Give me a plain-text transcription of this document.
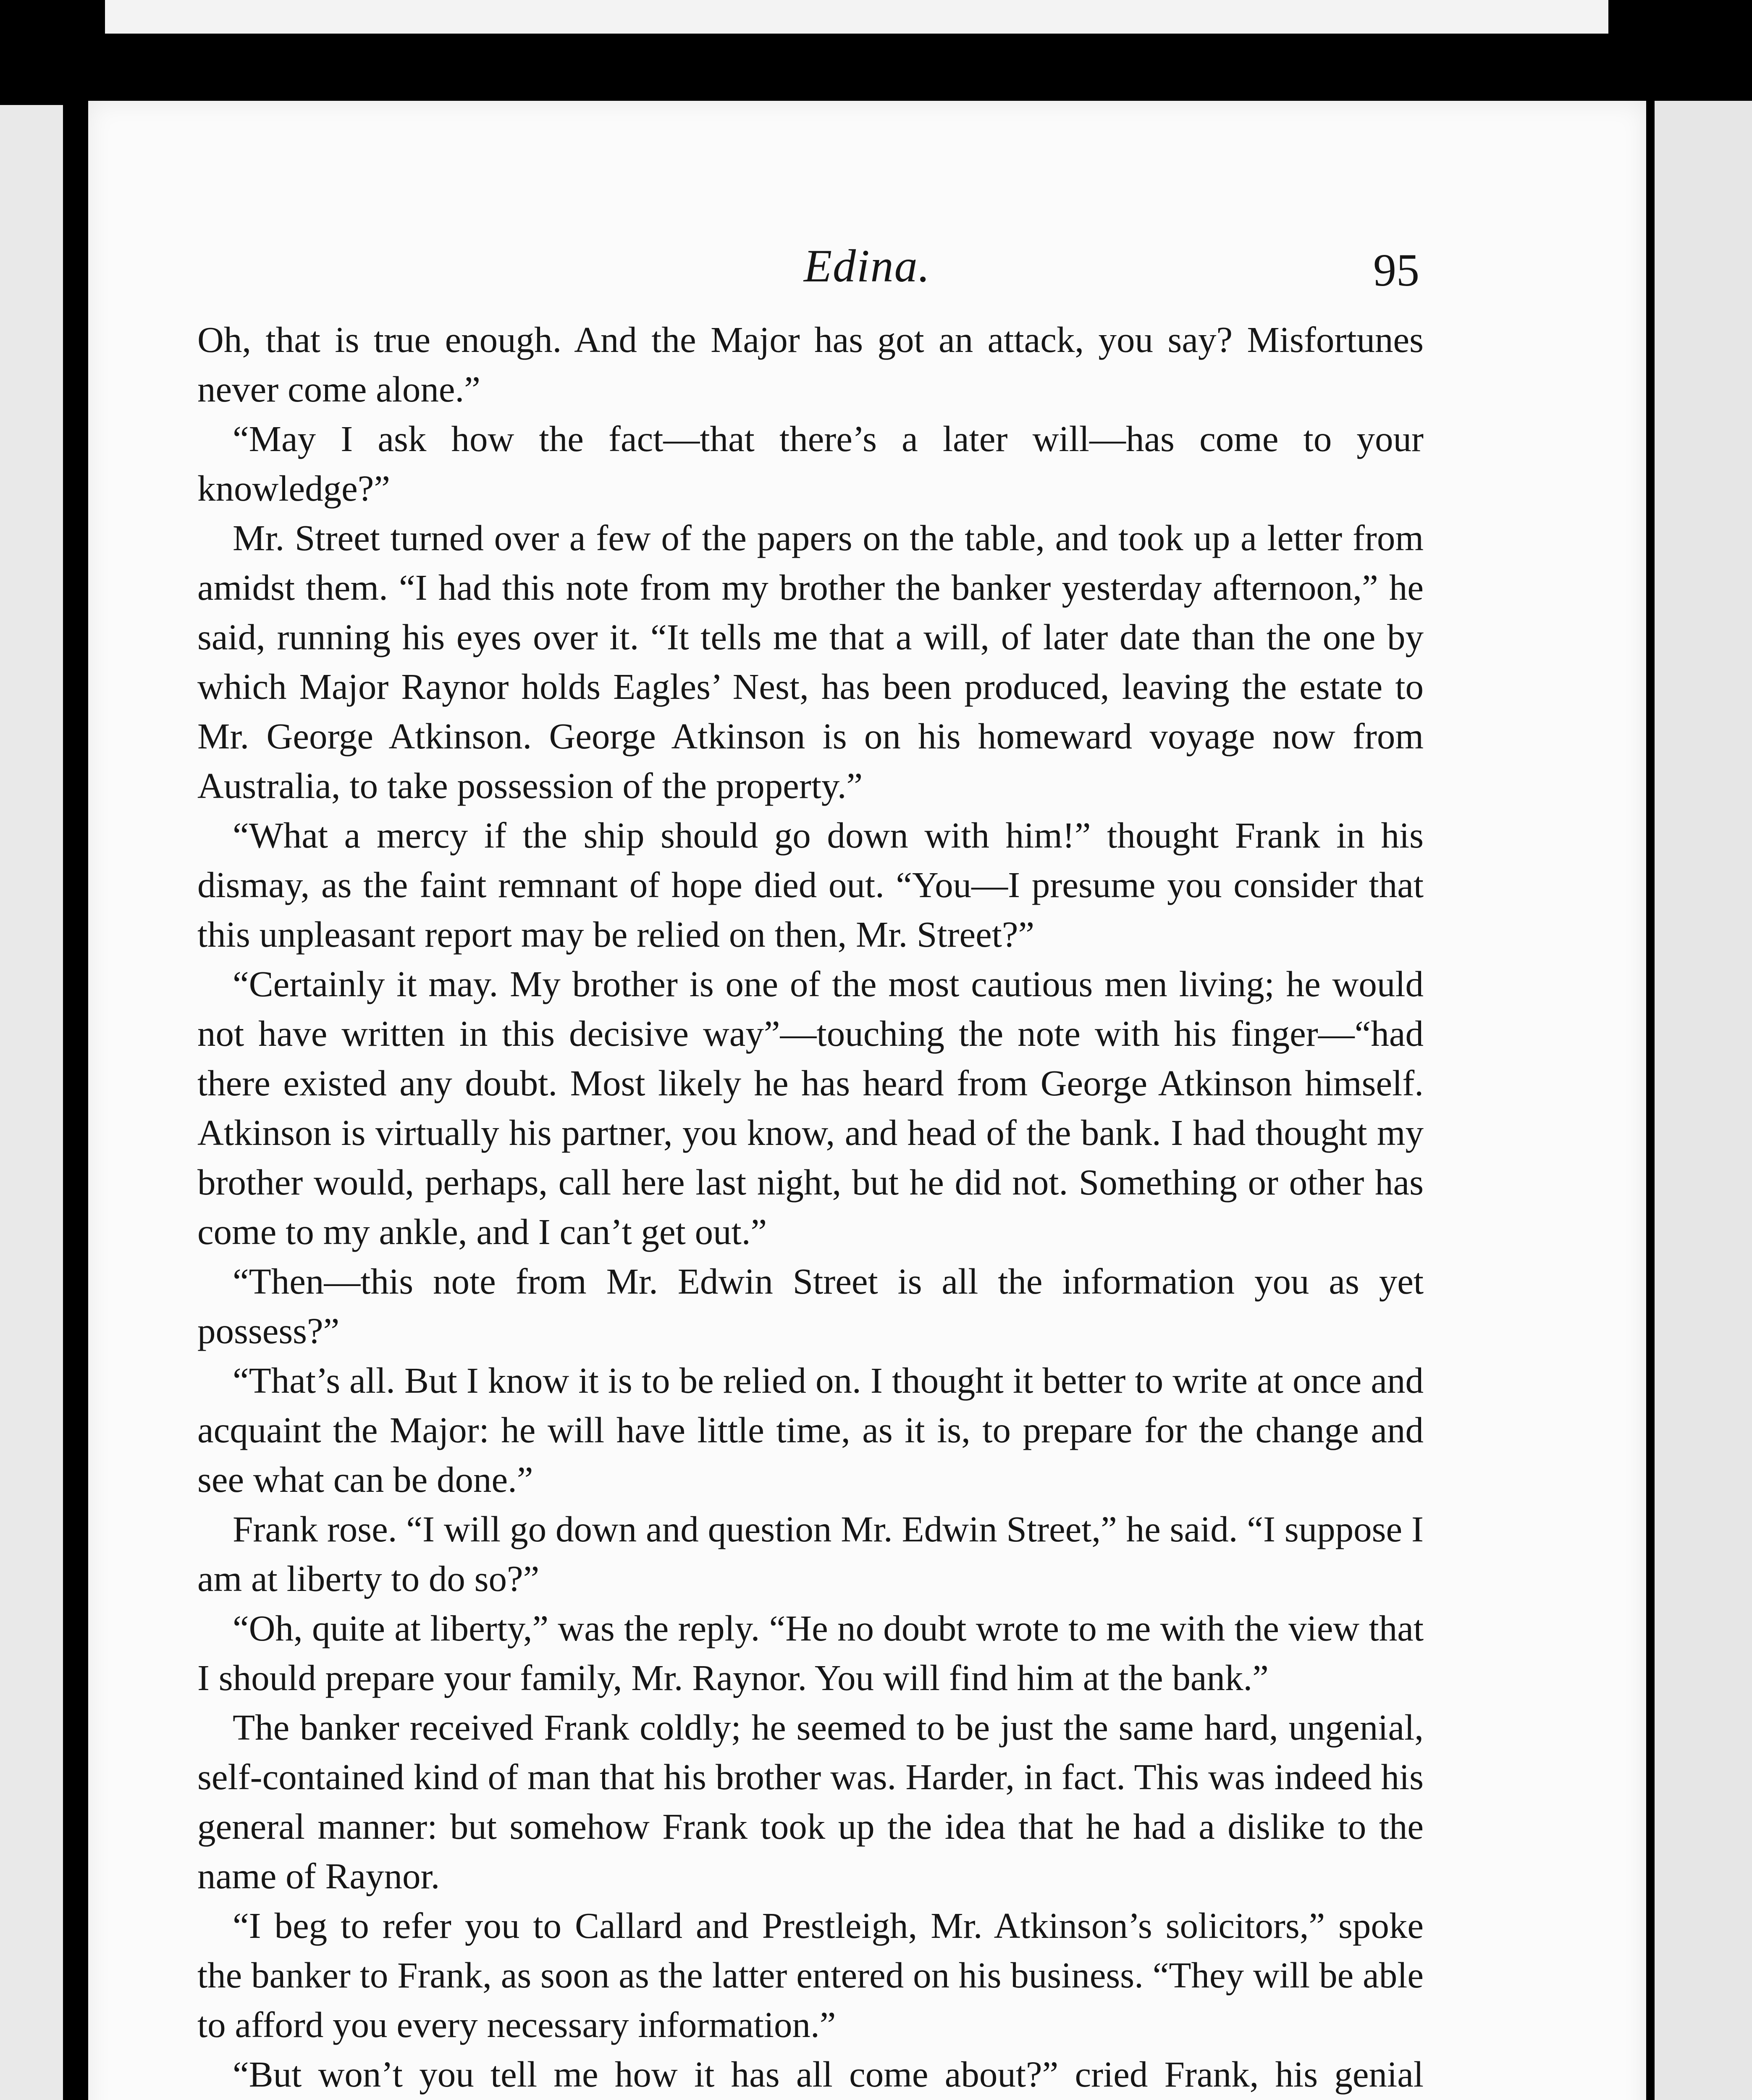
Edina.	95

Oh, that is true enough. And the Major has got an attack, you say? Misfortunes never come alone.”

“May I ask how the fact—that there’s a later will—has come to your knowledge?”

Mr. Street turned over a few of the papers on the table, and took up a letter from amidst them. “I had this note from my brother the banker yesterday afternoon,” he said, running his eyes over it. “It tells me that a will, of later date than the one by which Major Raynor holds Eagles’ Nest, has been produced, leaving the estate to Mr. George Atkinson. George Atkinson is on his homeward voyage now from Australia, to take possession of the property.”

“What a mercy if the ship should go down with him!” thought Frank in his dismay, as the faint remnant of hope died out. “You—I presume you consider that this unpleasant report may be relied on then, Mr. Street?”

“Certainly it may. My brother is one of the most cautious men living; he would not have written in this decisive way”—touching the note with his finger—“had there existed any doubt. Most likely he has heard from George Atkinson himself. Atkinson is virtually his partner, you know, and head of the bank. I had thought my brother would, perhaps, call here last night, but he did not. Something or other has come to my ankle, and I can’t get out.”

“Then—this note from Mr. Edwin Street is all the information you as yet possess?”

“That’s all. But I know it is to be relied on. I thought it better to write at once and acquaint the Major: he will have little time, as it is, to prepare for the change and see what can be done.”

Frank rose. “I will go down and question Mr. Edwin Street,” he said. “I suppose I am at liberty to do so?”

“Oh, quite at liberty,” was the reply. “He no doubt wrote to me with the view that I should prepare your family, Mr. Raynor. You will find him at the bank.”

The banker received Frank coldly; he seemed to be just the same hard, ungenial, self-contained kind of man that his brother was. Harder, in fact. This was indeed his general manner: but somehow Frank took up the idea that he had a dislike to the name of Raynor.

“I beg to refer you to Callard and Prestleigh, Mr. Atkinson’s solicitors,” spoke the banker to Frank, as soon as the latter entered on his business. “They will be able to afford you every necessary information.”

“But won’t you tell me how it has all come about?” cried Frank, his genial
